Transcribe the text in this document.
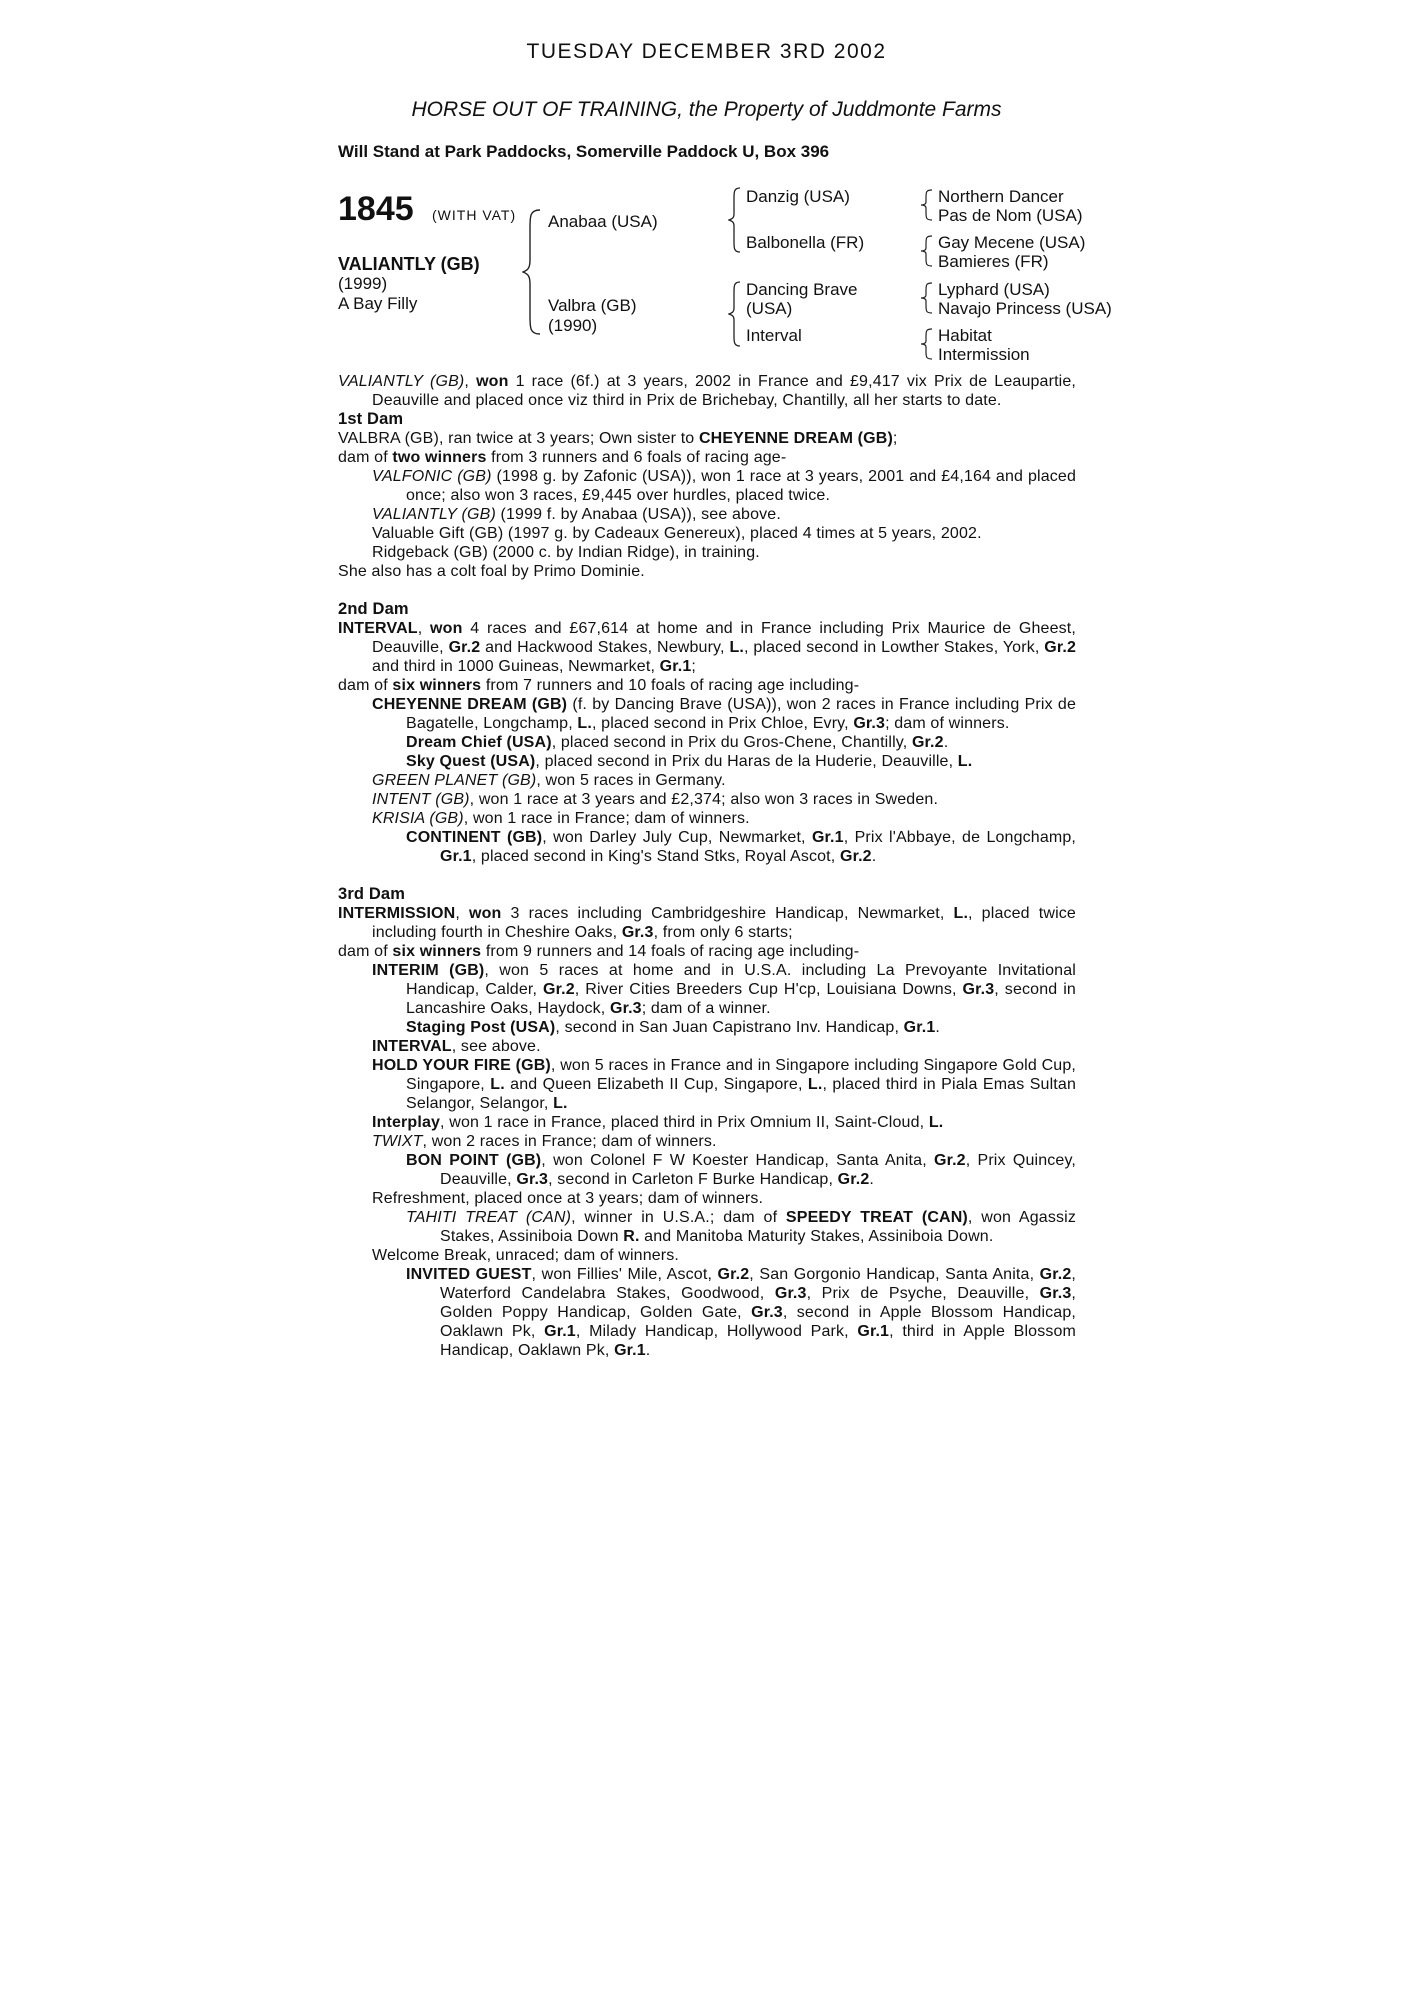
TUESDAY DECEMBER 3RD 2002
HORSE OUT OF TRAINING, the Property of Juddmonte Farms
Will Stand at Park Paddocks, Somerville Paddock U, Box 396
1845 (WITH VAT)
VALIANTLY (GB)
(1999)
A Bay Filly
Anabaa (USA)
Valbra (GB)
(1990)
Danzig (USA)
Balbonella (FR)
Dancing Brave
(USA)
Interval
Northern Dancer
Pas de Nom (USA)
Gay Mecene (USA)
Bamieres (FR)
Lyphard (USA)
Navajo Princess (USA)
Habitat
Intermission

VALIANTLY (GB), won 1 race (6f.) at 3 years, 2002 in France and £9,417 vix Prix de Leaupartie, Deauville and placed once viz third in Prix de Brichebay, Chantilly, all her starts to date.

1st Dam

VALBRA (GB), ran twice at 3 years; Own sister to CHEYENNE DREAM (GB);

dam of two winners from 3 runners and 6 foals of racing age-

VALFONIC (GB) (1998 g. by Zafonic (USA)), won 1 race at 3 years, 2001 and £4,164 and placed once; also won 3 races, £9,445 over hurdles, placed twice.

VALIANTLY (GB) (1999 f. by Anabaa (USA)), see above.

Valuable Gift (GB) (1997 g. by Cadeaux Genereux), placed 4 times at 5 years, 2002.

Ridgeback (GB) (2000 c. by Indian Ridge), in training.

She also has a colt foal by Primo Dominie.

2nd Dam

INTERVAL, won 4 races and £67,614 at home and in France including Prix Maurice de Gheest, Deauville, Gr.2 and Hackwood Stakes, Newbury, L., placed second in Lowther Stakes, York, Gr.2 and third in 1000 Guineas, Newmarket, Gr.1;

dam of six winners from 7 runners and 10 foals of racing age including-

CHEYENNE DREAM (GB) (f. by Dancing Brave (USA)), won 2 races in France including Prix de Bagatelle, Longchamp, L., placed second in Prix Chloe, Evry, Gr.3; dam of winners.

Dream Chief (USA), placed second in Prix du Gros-Chene, Chantilly, Gr.2.

Sky Quest (USA), placed second in Prix du Haras de la Huderie, Deauville, L.

GREEN PLANET (GB), won 5 races in Germany.

INTENT (GB), won 1 race at 3 years and £2,374; also won 3 races in Sweden.

KRISIA (GB), won 1 race in France; dam of winners.

CONTINENT (GB), won Darley July Cup, Newmarket, Gr.1, Prix l'Abbaye, de Longchamp, Gr.1, placed second in King's Stand Stks, Royal Ascot, Gr.2.

3rd Dam

INTERMISSION, won 3 races including Cambridgeshire Handicap, Newmarket, L., placed twice including fourth in Cheshire Oaks, Gr.3, from only 6 starts;

dam of six winners from 9 runners and 14 foals of racing age including-

INTERIM (GB), won 5 races at home and in U.S.A. including La Prevoyante Invitational Handicap, Calder, Gr.2, River Cities Breeders Cup H'cp, Louisiana Downs, Gr.3, second in Lancashire Oaks, Haydock, Gr.3; dam of a winner.

Staging Post (USA), second in San Juan Capistrano Inv. Handicap, Gr.1.

INTERVAL, see above.

HOLD YOUR FIRE (GB), won 5 races in France and in Singapore including Singapore Gold Cup, Singapore, L. and Queen Elizabeth II Cup, Singapore, L., placed third in Piala Emas Sultan Selangor, Selangor, L.

Interplay, won 1 race in France, placed third in Prix Omnium II, Saint-Cloud, L.

TWIXT, won 2 races in France; dam of winners.

BON POINT (GB), won Colonel F W Koester Handicap, Santa Anita, Gr.2, Prix Quincey, Deauville, Gr.3, second in Carleton F Burke Handicap, Gr.2.

Refreshment, placed once at 3 years; dam of winners.

TAHITI TREAT (CAN), winner in U.S.A.; dam of SPEEDY TREAT (CAN), won Agassiz Stakes, Assiniboia Down R. and Manitoba Maturity Stakes, Assiniboia Down.

Welcome Break, unraced; dam of winners.

INVITED GUEST, won Fillies' Mile, Ascot, Gr.2, San Gorgonio Handicap, Santa Anita, Gr.2, Waterford Candelabra Stakes, Goodwood, Gr.3, Prix de Psyche, Deauville, Gr.3, Golden Poppy Handicap, Golden Gate, Gr.3, second in Apple Blossom Handicap, Oaklawn Pk, Gr.1, Milady Handicap, Hollywood Park, Gr.1, third in Apple Blossom Handicap, Oaklawn Pk, Gr.1.
